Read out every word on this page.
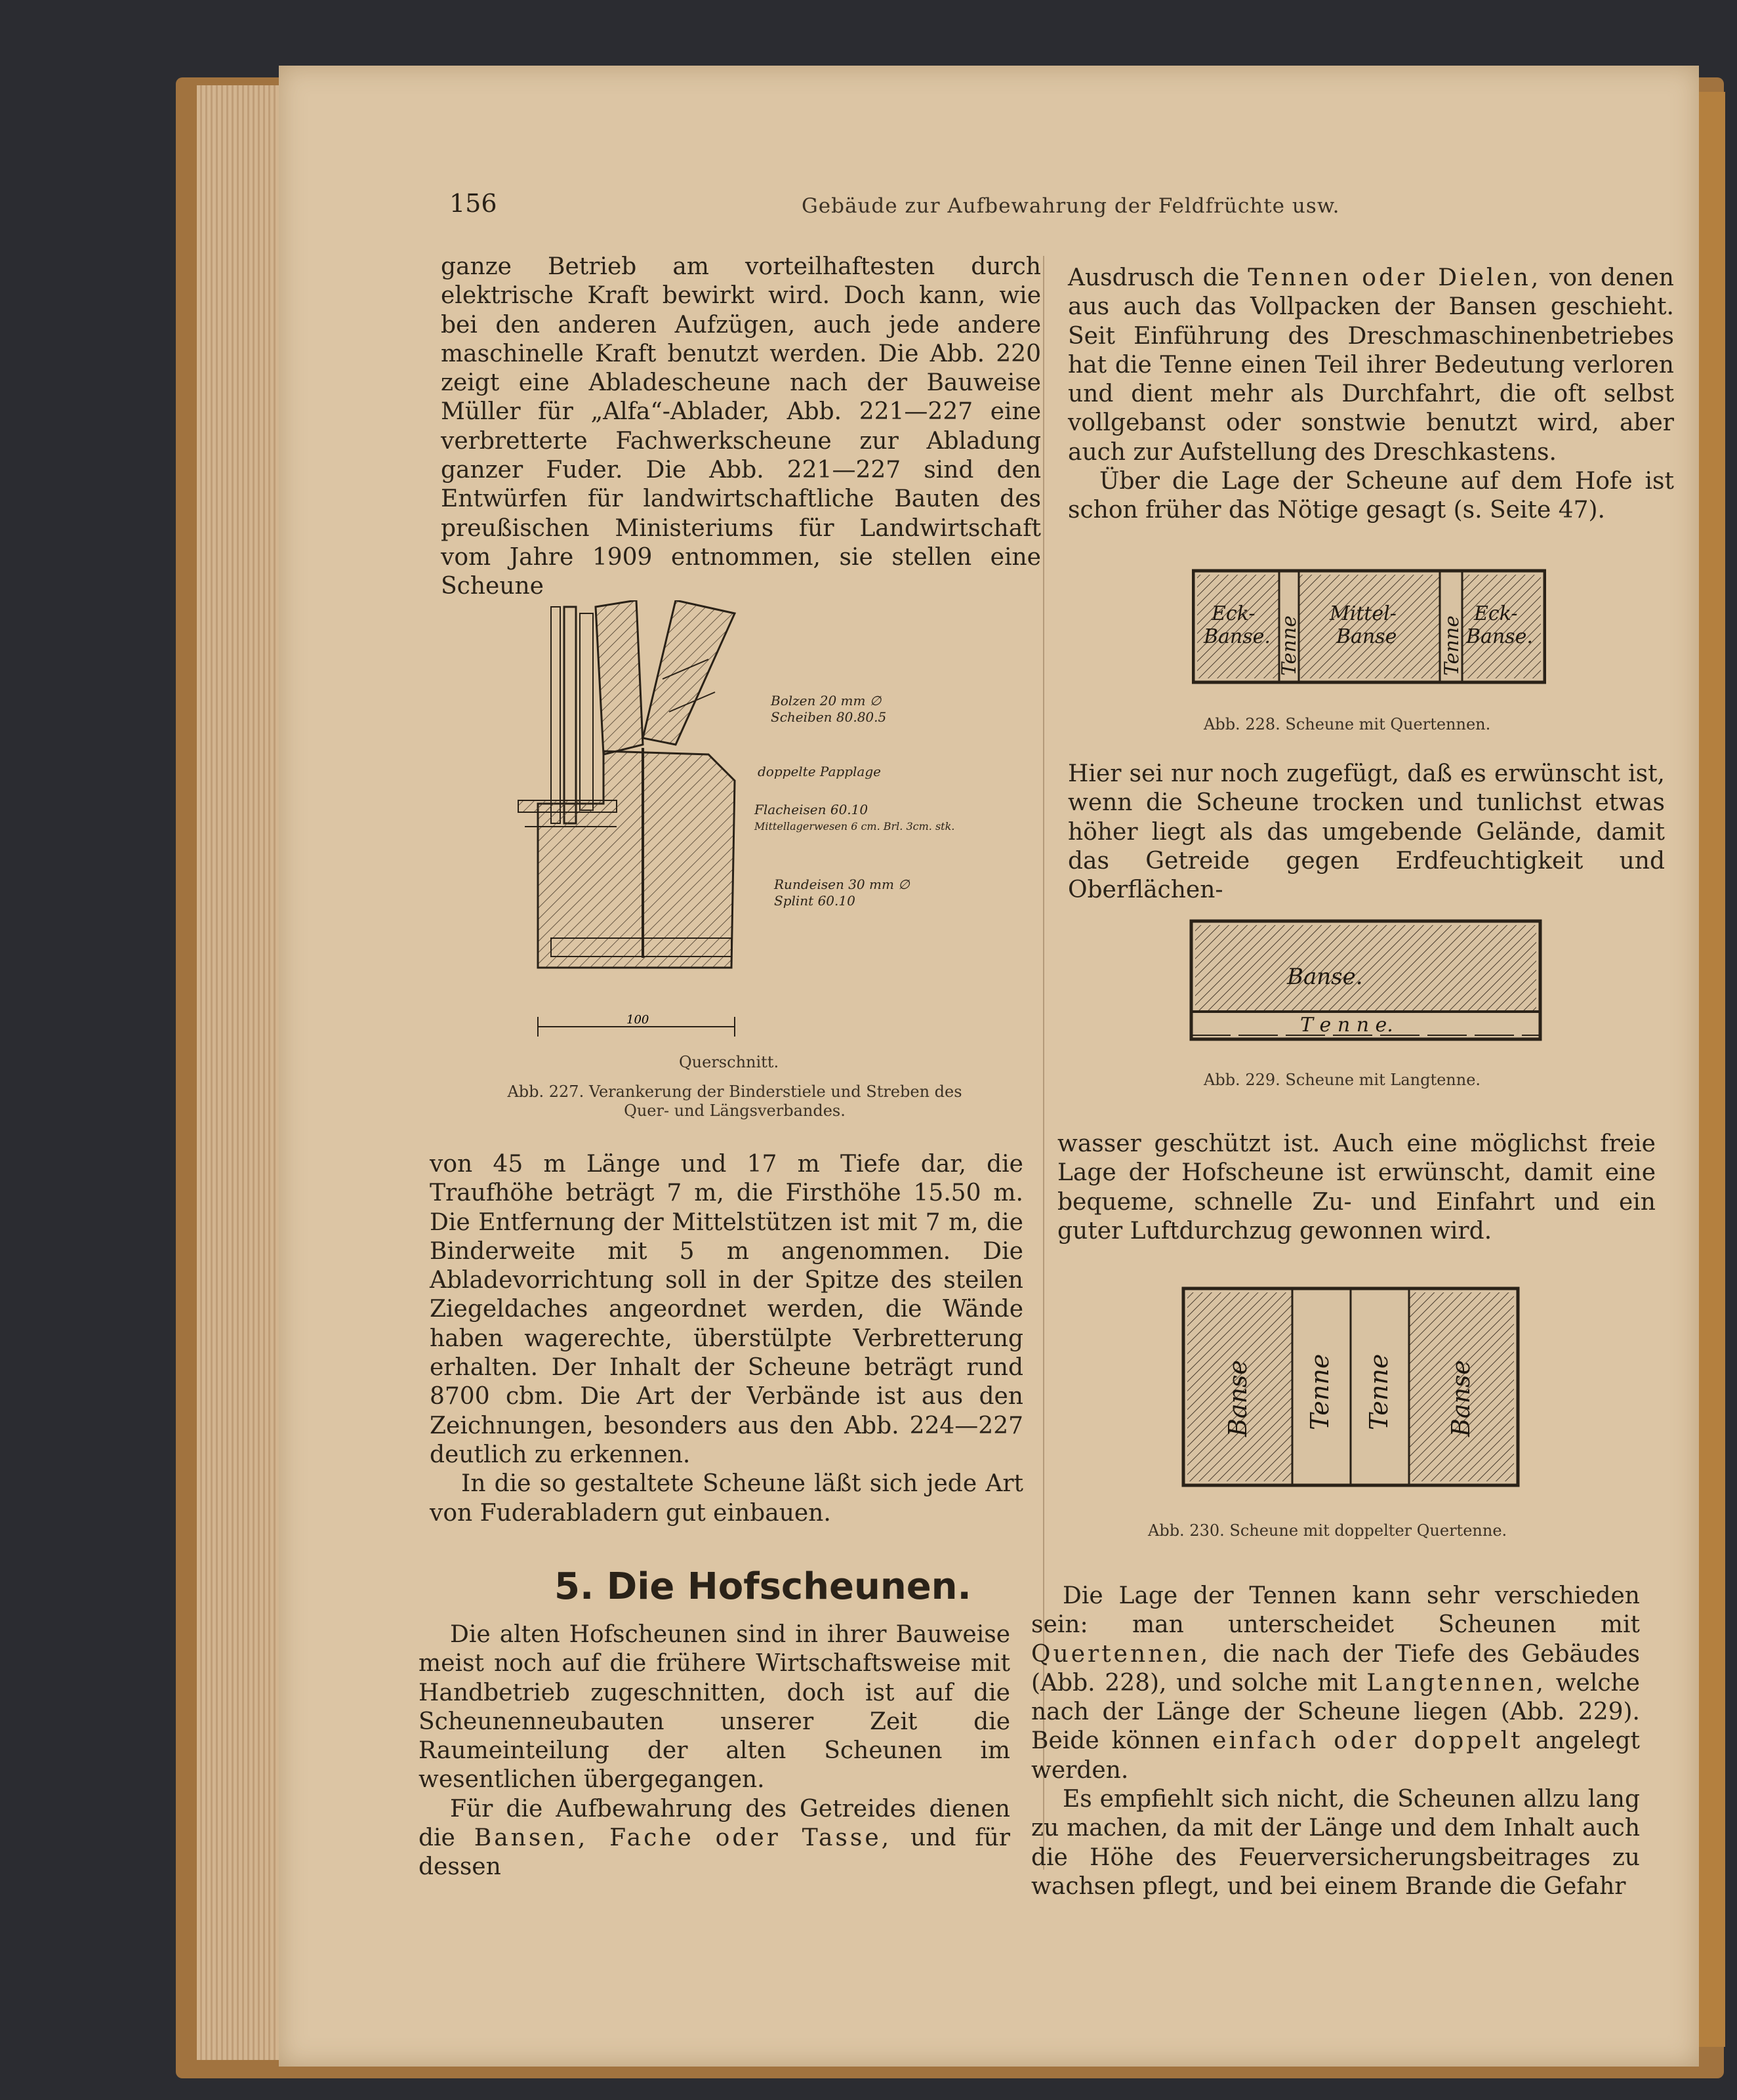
156	Gebäude zur Aufbewahrung der Feldfrüchte usw.

ganze Betrieb am vorteilhaftesten durch elektrische Kraft bewirkt wird. Doch kann, wie bei den anderen Aufzügen, auch jede andere maschinelle Kraft benutzt werden. Die Abb. 220 zeigt eine Abladescheune nach der Bauweise Müller für „Alfa“-Ablader, Abb. 221—227 eine verbretterte Fachwerkscheune zur Abladung ganzer Fuder. Die Abb. 221—227 sind den Entwürfen für landwirtschaftliche Bauten des preußischen Ministeriums für Landwirtschaft vom Jahre 1909 entnommen, sie stellen eine Scheune

100
Bolzen 20 mm ∅
Scheiben 80.80.5
doppelte Papplage
Flacheisen 60.10
Mittellagerwesen 6 cm. Brl. 3cm. stk.
Rundeisen 30 mm ∅
Splint 60.10
Querschnitt.
Abb. 227. Verankerung der Binderstiele und Streben des Quer- und Längsverbandes.

von 45 m Länge und 17 m Tiefe dar, die Traufhöhe beträgt 7 m, die Firsthöhe 15.50 m. Die Entfernung der Mittelstützen ist mit 7 m, die Binderweite mit 5 m angenommen. Die Abladevorrichtung soll in der Spitze des steilen Ziegeldaches angeordnet werden, die Wände haben wagerechte, überstülpte Verbretterung erhalten. Der Inhalt der Scheune beträgt rund 8700 cbm. Die Art der Verbände ist aus den Zeichnungen, besonders aus den Abb. 224—227 deutlich zu erkennen.

In die so gestaltete Scheune läßt sich jede Art von Fuderabladern gut einbauen.

5. Die Hofscheunen.

Die alten Hofscheunen sind in ihrer Bauweise meist noch auf die frühere Wirtschaftsweise mit Handbetrieb zugeschnitten, doch ist auf die Scheunenneubauten unserer Zeit die Raumeinteilung der alten Scheunen im wesentlichen übergegangen.

Für die Aufbewahrung des Getreides dienen die Bansen, Fache oder Tasse, und für dessen

Ausdrusch die Tennen oder Dielen, von denen aus auch das Vollpacken der Bansen geschieht. Seit Einführung des Dreschmaschinenbetriebes hat die Tenne einen Teil ihrer Bedeutung verloren und dient mehr als Durchfahrt, die oft selbst vollgebanst oder sonstwie benutzt wird, aber auch zur Aufstellung des Dreschkastens.

Über die Lage der Scheune auf dem Hofe ist schon früher das Nötige gesagt (s. Seite 47).

Eck-
Banse. Tenne
Mittel-
Banse Tenne
Eck-
Banse.
Abb. 228. Scheune mit Quertennen.

Hier sei nur noch zugefügt, daß es erwünscht ist, wenn die Scheune trocken und tunlichst etwas höher liegt als das umgebende Gelände, damit das Getreide gegen Erdfeuchtigkeit und Oberflächen-

Banse.
T e n n e.
Abb. 229. Scheune mit Langtenne.

wasser geschützt ist. Auch eine möglichst freie Lage der Hofscheune ist erwünscht, damit eine bequeme, schnelle Zu- und Einfahrt und ein guter Luftdurchzug gewonnen wird.

Banse Tenne Tenne Banse
Abb. 230. Scheune mit doppelter Quertenne.

Die Lage der Tennen kann sehr verschieden sein: man unterscheidet Scheunen mit Quertennen, die nach der Tiefe des Gebäudes (Abb. 228), und solche mit Langtennen, welche nach der Länge der Scheune liegen (Abb. 229). Beide können einfach oder doppelt angelegt werden.

Es empfiehlt sich nicht, die Scheunen allzu lang zu machen, da mit der Länge und dem Inhalt auch die Höhe des Feuerversicherungsbeitrages zu wachsen pflegt, und bei einem Brande die Gefahr
